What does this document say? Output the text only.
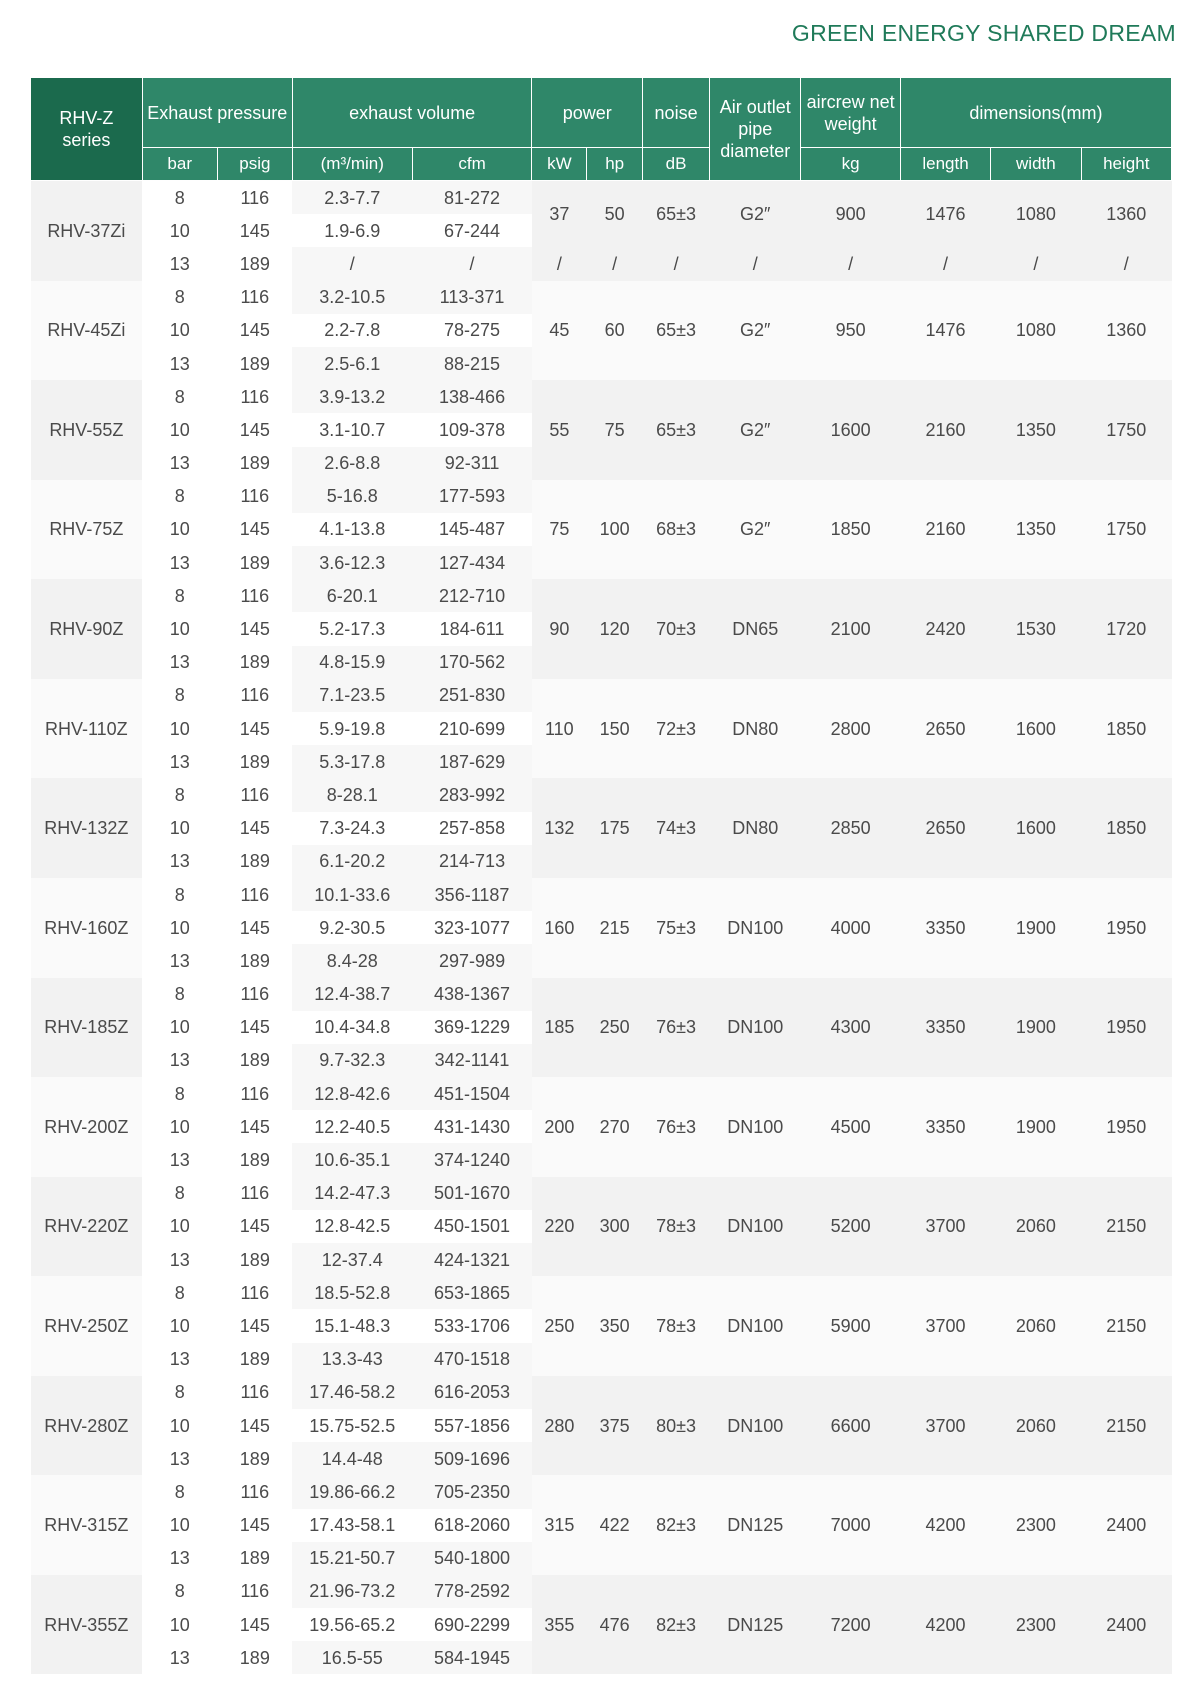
GREEN ENERGY SHARED DREAM
RHV-Z
series	Exhaust pressure		exhaust volume		power		noise	Air outlet
pipe
diameter	aircrew net
weight	dimensions(mm)		
	bar	psig	(m³/min)	cfm	kW	hp	dB		kg	length	width	height
RHV-37Zi	8	116	2.3-7.7	81-272	37	50	65±3	G2″	900	1476	1080	1360
	10	145	1.9-6.9	67-244								
	13	189	/	/	/	/	/	/	/	/	/	/
RHV-45Zi	8	116	3.2-10.5	113-371	45	60	65±3	G2″	950	1476	1080	1360
	10	145	2.2-7.8	78-275								
	13	189	2.5-6.1	88-215								
RHV-55Z	8	116	3.9-13.2	138-466	55	75	65±3	G2″	1600	2160	1350	1750
	10	145	3.1-10.7	109-378								
	13	189	2.6-8.8	92-311								
RHV-75Z	8	116	5-16.8	177-593	75	100	68±3	G2″	1850	2160	1350	1750
	10	145	4.1-13.8	145-487								
	13	189	3.6-12.3	127-434								
RHV-90Z	8	116	6-20.1	212-710	90	120	70±3	DN65	2100	2420	1530	1720
	10	145	5.2-17.3	184-611								
	13	189	4.8-15.9	170-562								
RHV-110Z	8	116	7.1-23.5	251-830	110	150	72±3	DN80	2800	2650	1600	1850
	10	145	5.9-19.8	210-699								
	13	189	5.3-17.8	187-629								
RHV-132Z	8	116	8-28.1	283-992	132	175	74±3	DN80	2850	2650	1600	1850
	10	145	7.3-24.3	257-858								
	13	189	6.1-20.2	214-713								
RHV-160Z	8	116	10.1-33.6	356-1187	160	215	75±3	DN100	4000	3350	1900	1950
	10	145	9.2-30.5	323-1077								
	13	189	8.4-28	297-989								
RHV-185Z	8	116	12.4-38.7	438-1367	185	250	76±3	DN100	4300	3350	1900	1950
	10	145	10.4-34.8	369-1229								
	13	189	9.7-32.3	342-1141								
RHV-200Z	8	116	12.8-42.6	451-1504	200	270	76±3	DN100	4500	3350	1900	1950
	10	145	12.2-40.5	431-1430								
	13	189	10.6-35.1	374-1240								
RHV-220Z	8	116	14.2-47.3	501-1670	220	300	78±3	DN100	5200	3700	2060	2150
	10	145	12.8-42.5	450-1501								
	13	189	12-37.4	424-1321								
RHV-250Z	8	116	18.5-52.8	653-1865	250	350	78±3	DN100	5900	3700	2060	2150
	10	145	15.1-48.3	533-1706								
	13	189	13.3-43	470-1518								
RHV-280Z	8	116	17.46-58.2	616-2053	280	375	80±3	DN100	6600	3700	2060	2150
	10	145	15.75-52.5	557-1856								
	13	189	14.4-48	509-1696								
RHV-315Z	8	116	19.86-66.2	705-2350	315	422	82±3	DN125	7000	4200	2300	2400
	10	145	17.43-58.1	618-2060								
	13	189	15.21-50.7	540-1800								
RHV-355Z	8	116	21.96-73.2	778-2592	355	476	82±3	DN125	7200	4200	2300	2400
	10	145	19.56-65.2	690-2299								
	13	189	16.5-55	584-1945								
